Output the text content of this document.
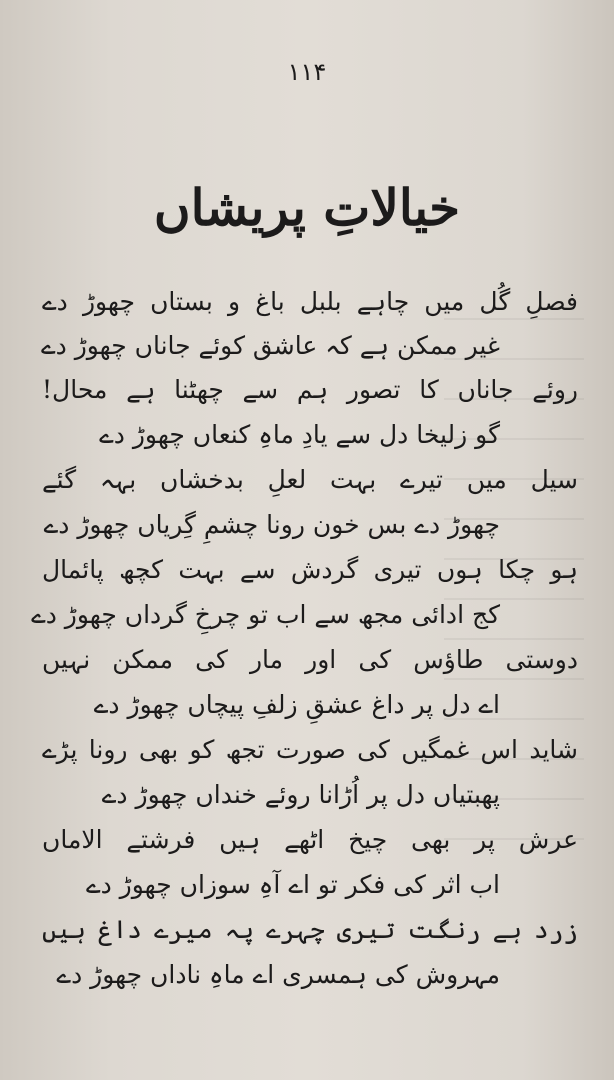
۱۱۴
خیالاتِ پریشاں
فصلِ گُل میں چاہے بلبل باغ و بستاں چھوڑ دے
غیر ممکن ہے کہ عاشق کوئے جاناں چھوڑ دے
روئے جاناں کا تصور ہم سے چھٹنا ہے محال!
گو زلیخا دل سے یادِ ماہِ کنعاں چھوڑ دے
سیل میں تیرے بہت لعلِ بدخشاں بہہ گئے
چھوڑ دے بس خون رونا چشمِ گِریاں چھوڑ دے
ہو چکا ہوں تیری گردش سے بہت کچھ پائمال
کج ادائی مجھ سے اب تو چرخِ گرداں چھوڑ دے
دوستی طاؤس کی اور مار کی ممکن نہیں
اے دل پر داغ عشقِ زلفِ پیچاں چھوڑ دے
شاید اس غمگیں کی صورت تجھ کو بھی رونا پڑے
پھبتیاں دل پر اُڑانا روئے خنداں چھوڑ دے
عرش پر بھی چیخ اٹھے ہیں فرشتے الاماں
اب اثر کی فکر تو اے آہِ سوزاں چھوڑ دے
زرد ہے رنگت تیری چہرے پہ میرے داغ ہیں
مہروش کی ہمسری اے ماہِ ناداں چھوڑ دے
